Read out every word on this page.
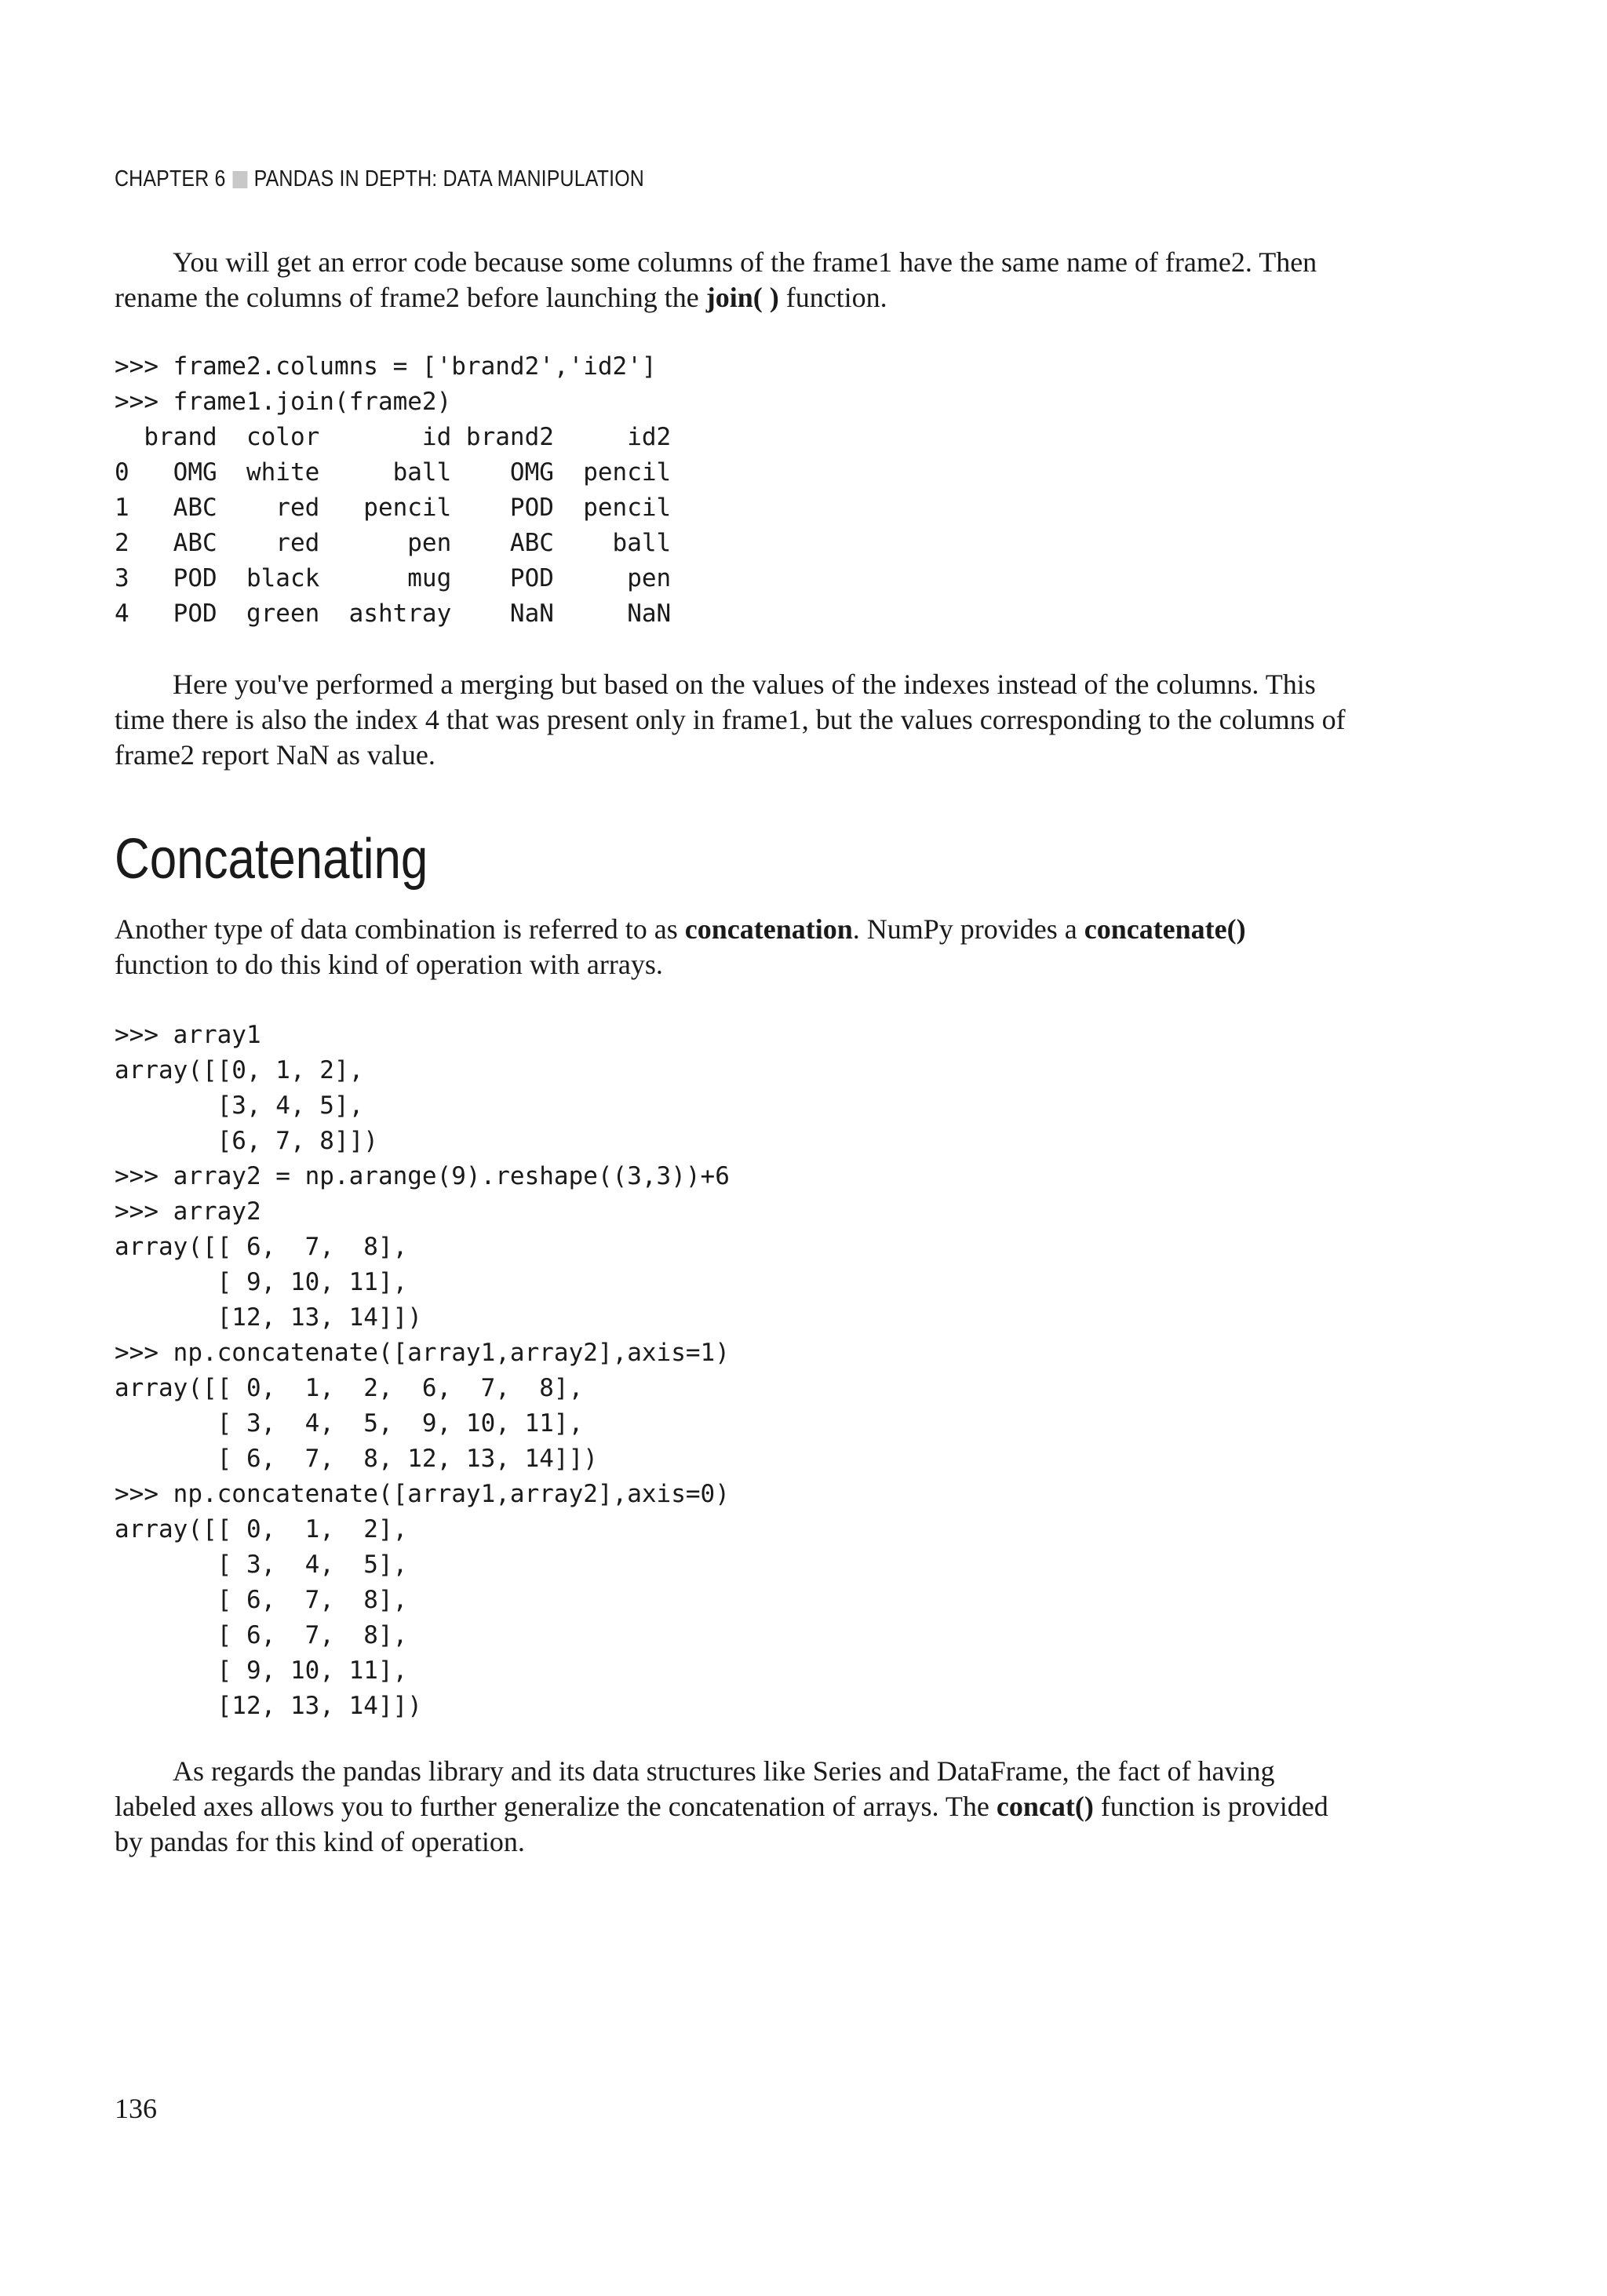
CHAPTER 6 PANDAS IN DEPTH: DATA MANIPULATION

You will get an error code because some columns of the frame1 have the same name of frame2. Then
rename the columns of frame2 before launching the join( ) function.

>>> frame2.columns = ['brand2','id2']
>>> frame1.join(frame2)
brand  color       id brand2     id2
0   OMG  white     ball    OMG  pencil
1   ABC    red   pencil    POD  pencil
2   ABC    red      pen    ABC    ball
3   POD  black      mug    POD     pen
4   POD  green  ashtray    NaN     NaN

Here you've performed a merging but based on the values of the indexes instead of the columns. This
time there is also the index 4 that was present only in frame1, but the values corresponding to the columns of
frame2 report NaN as value.

Concatenating

Another type of data combination is referred to as concatenation. NumPy provides a concatenate()
function to do this kind of operation with arrays.

>>> array1
array([[0, 1, 2],
[3, 4, 5],
[6, 7, 8]])
>>> array2 = np.arange(9).reshape((3,3))+6
>>> array2
array([[ 6,  7,  8],
[ 9, 10, 11],
[12, 13, 14]])
>>> np.concatenate([array1,array2],axis=1)
array([[ 0,  1,  2,  6,  7,  8],
[ 3,  4,  5,  9, 10, 11],
[ 6,  7,  8, 12, 13, 14]])
>>> np.concatenate([array1,array2],axis=0)
array([[ 0,  1,  2],
[ 3,  4,  5],
[ 6,  7,  8],
[ 6,  7,  8],
[ 9, 10, 11],
[12, 13, 14]])

As regards the pandas library and its data structures like Series and DataFrame, the fact of having
labeled axes allows you to further generalize the concatenation of arrays. The concat() function is provided
by pandas for this kind of operation.

136
